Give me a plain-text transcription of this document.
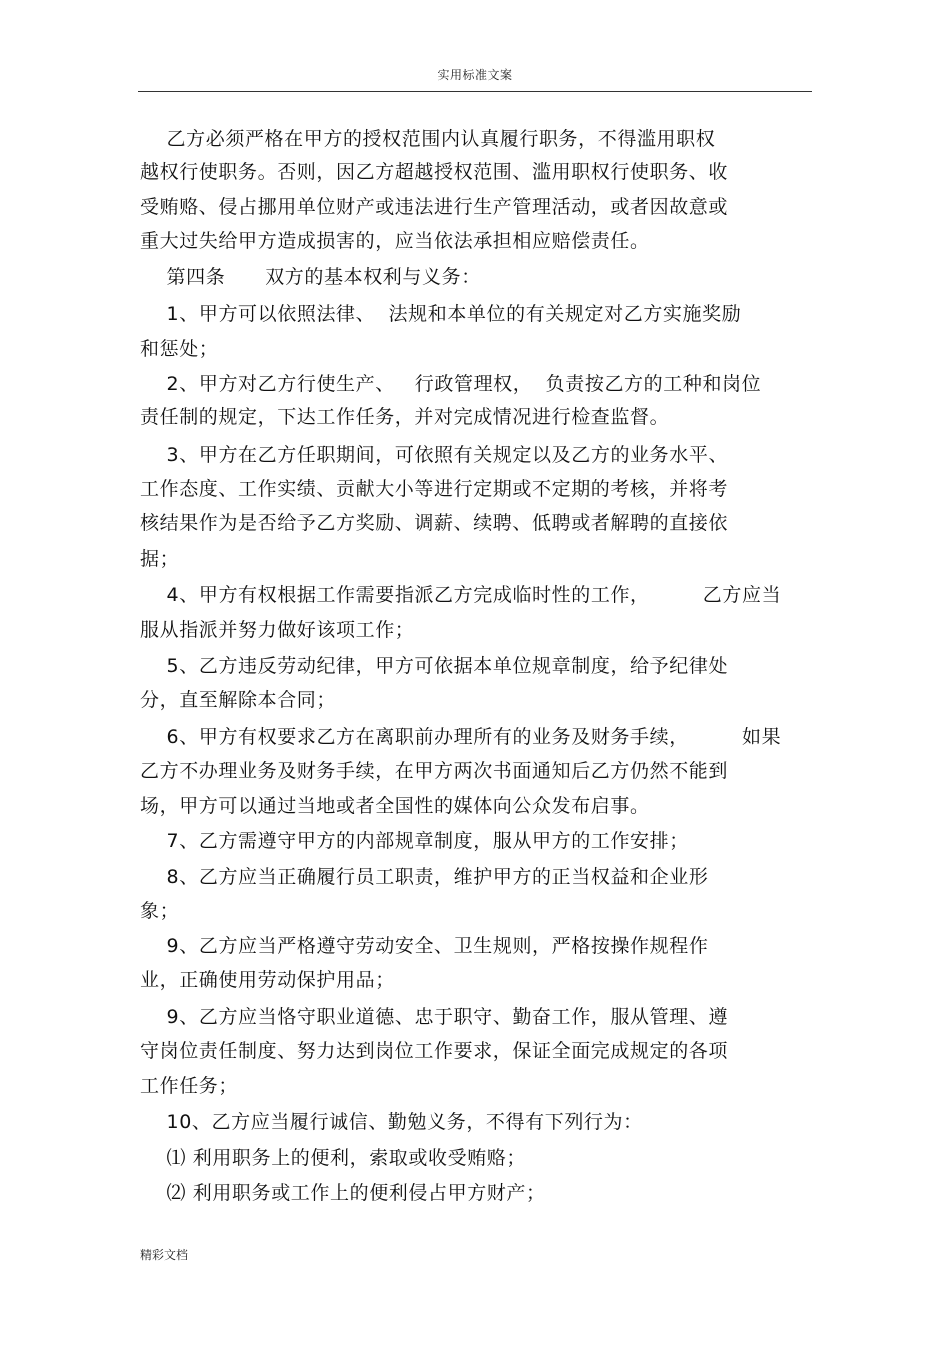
实用标准文案
乙方必须严格在甲方的授权范围内认真履行职务，不得滥用职权
越权行使职务。否则，因乙方超越授权范围、滥用职权行使职务、收
受贿赂、侵占挪用单位财产或违法进行生产管理活动，或者因故意或
重大过失给甲方造成损害的，应当依法承担相应赔偿责任。
第四条      双方的基本权利与义务：
1、甲方可以依照法律、  法规和本单位的有关规定对乙方实施奖励
和惩处；
2、甲方对乙方行使生产、   行政管理权，  负责按乙方的工种和岗位
责任制的规定，下达工作任务，并对完成情况进行检查监督。
3、甲方在乙方任职期间，可依照有关规定以及乙方的业务水平、
工作态度、工作实绩、贡献大小等进行定期或不定期的考核，并将考
核结果作为是否给予乙方奖励、调薪、续聘、低聘或者解聘的直接依
据；
4、甲方有权根据工作需要指派乙方完成临时性的工作，        乙方应当
服从指派并努力做好该项工作；
5、乙方违反劳动纪律，甲方可依据本单位规章制度，给予纪律处
分，直至解除本合同；
6、甲方有权要求乙方在离职前办理所有的业务及财务手续，        如果
乙方不办理业务及财务手续，在甲方两次书面通知后乙方仍然不能到
场，甲方可以通过当地或者全国性的媒体向公众发布启事。
7、乙方需遵守甲方的内部规章制度，服从甲方的工作安排；
8、乙方应当正确履行员工职责，维护甲方的正当权益和企业形
象；
9、乙方应当严格遵守劳动安全、卫生规则，严格按操作规程作
业，正确使用劳动保护用品；
9、乙方应当恪守职业道德、忠于职守、勤奋工作，服从管理、遵
守岗位责任制度、努力达到岗位工作要求，保证全面完成规定的各项
工作任务；
10、乙方应当履行诚信、勤勉义务，不得有下列行为：
⑴ 利用职务上的便利，索取或收受贿赂；
⑵ 利用职务或工作上的便利侵占甲方财产；
精彩文档
